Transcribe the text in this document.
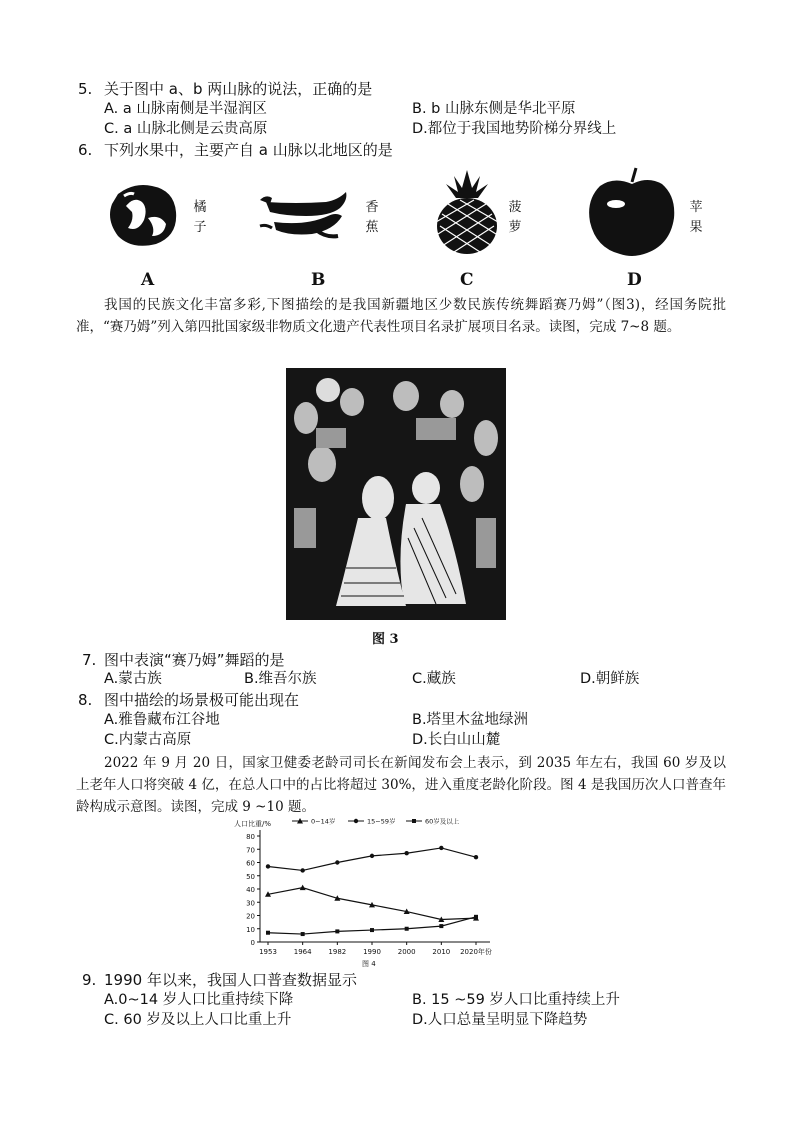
5. 关于图中 a、b 两山脉的说法，正确的是
A. a 山脉南侧是半湿润区	B. b 山脉东侧是华北平原
C. a 山脉北侧是云贵高原	D.都位于我国地势阶梯分界线上
6. 下列水果中，主要产自 a 山脉以北地区的是
橘子
A
香蕉
B
菠萝
C
苹果
D
我国的民族文化丰富多彩,下图描绘的是我国新疆地区少数民族传统舞蹈赛乃姆”（图3)，经国务院批准，“赛乃姆”列入第四批国家级非物质文化遗产代表性项目名录扩展项目名录。读图，完成 7~8 题。
图 3
7. 图中表演“赛乃姆”舞蹈的是
A.蒙古族	B.维吾尔族	C.藏族	D.朝鲜族
8. 图中描绘的场景极可能出现在
A.雅鲁藏布江谷地	B.塔里木盆地绿洲
C.内蒙古高原	D.长白山山麓
2022 年 9 月 20 日，国家卫健委老龄司司长在新闻发布会上表示，到 2035 年左右，我国 60 岁及以上老年人口将突破 4 亿，在总人口中的占比将超过 30%，进入重度老龄化阶段。图 4 是我国历次人口普查年龄构成示意图。读图，完成 9 ~10 题。
0
10
20
30
40
50
60
70
80
人口比重/%
1953 1964 1982 1990 2000 2010 2020年份
0~14岁	15~59岁	60岁及以上
图 4
9. 1990 年以来，我国人口普查数据显示
A.0~14 岁人口比重持续下降	B. 15 ~59 岁人口比重持续上升
C. 60 岁及以上人口比重上升	D.人口总量呈明显下降趋势
